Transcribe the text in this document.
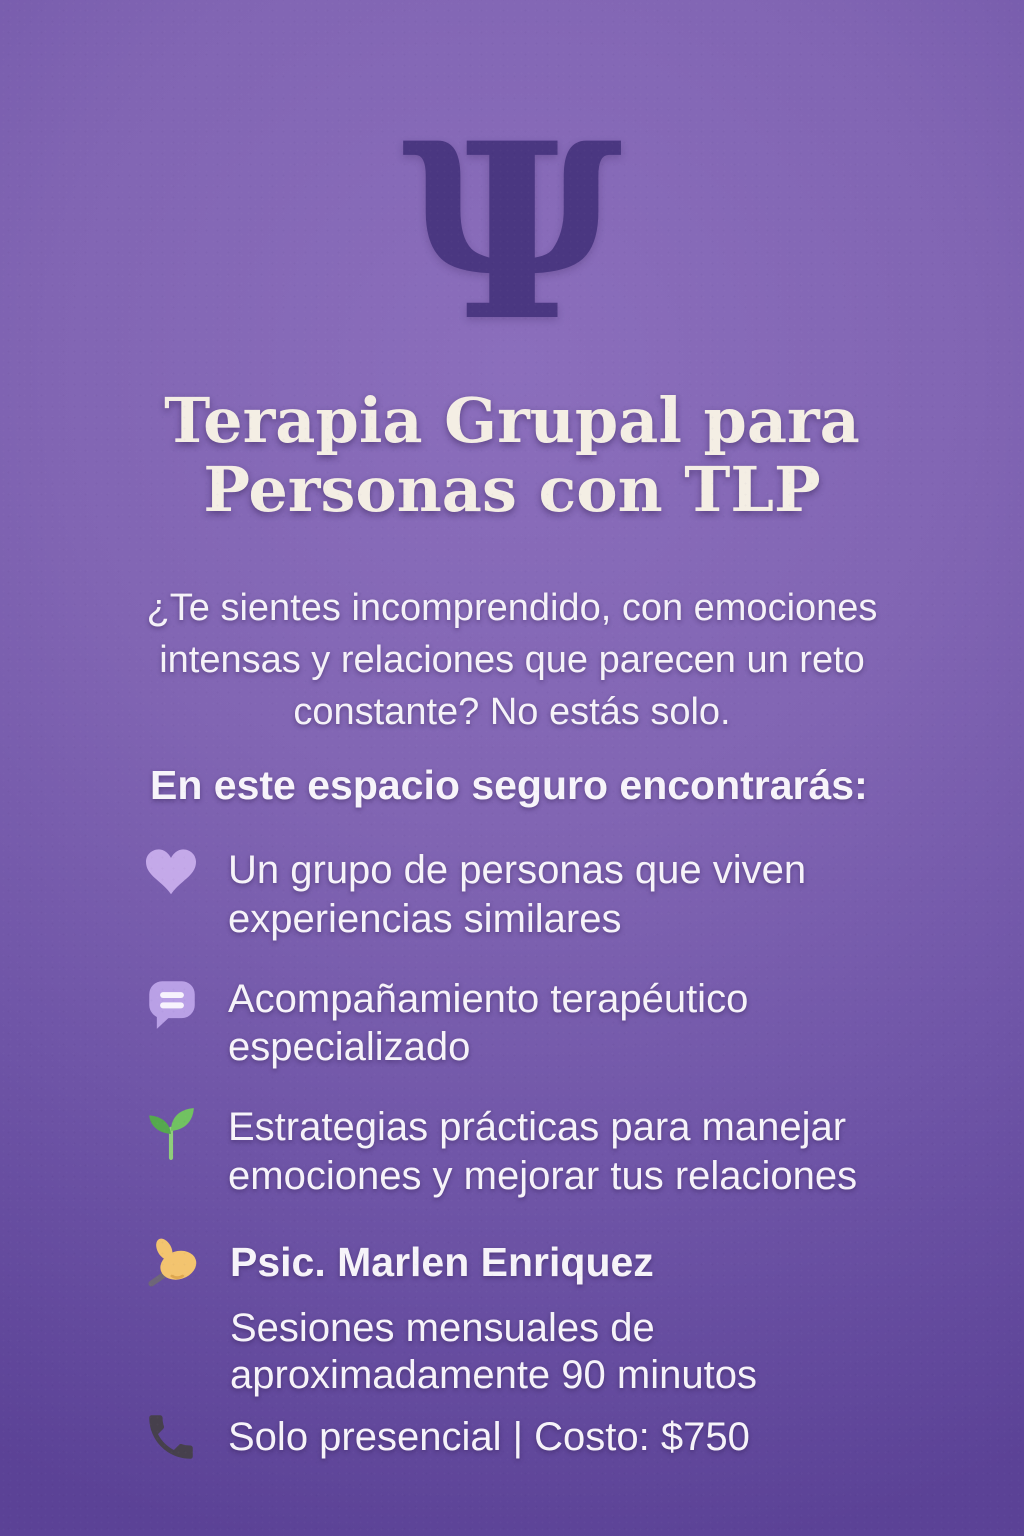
Ψ
Terapia Grupal para Personas con TLP

¿Te sientes incomprendido, con emociones intensas y relaciones que parecen un reto constante? No estás solo.

En este espacio seguro encontrarás:
Un grupo de personas que viven experiencias similares
Acompañamiento terapéutico especializado
Estrategias prácticas para manejar emociones y mejorar tus relaciones
Psic. Marlen Enriquez
Sesiones mensuales de aproximadamente 90 minutos
Solo presencial | Costo: $750
